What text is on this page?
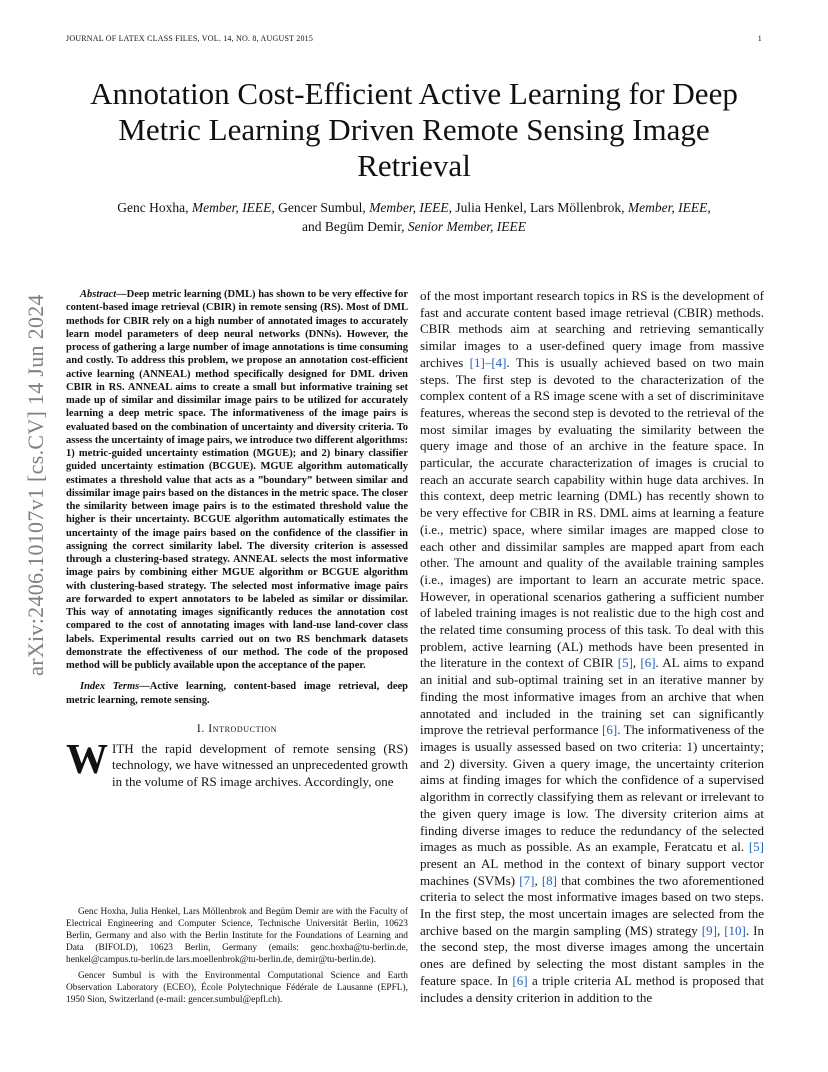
JOURNAL OF LATEX CLASS FILES, VOL. 14, NO. 8, AUGUST 2015	1
arXiv:2406.10107v1 [cs.CV] 14 Jun 2024
Annotation Cost-Efficient Active Learning for Deep Metric Learning Driven Remote Sensing Image Retrieval
Genc Hoxha, Member, IEEE, Gencer Sumbul, Member, IEEE, Julia Henkel, Lars Möllenbrok, Member, IEEE,
and Begüm Demir, Senior Member, IEEE

Abstract—Deep metric learning (DML) has shown to be very effective for content-based image retrieval (CBIR) in remote sensing (RS). Most of DML methods for CBIR rely on a high number of annotated images to accurately learn model parameters of deep neural networks (DNNs). However, the process of gathering a large number of image annotations is time consuming and costly. To address this problem, we propose an annotation cost-efficient active learning (ANNEAL) method specifically designed for DML driven CBIR in RS. ANNEAL aims to create a small but informative training set made up of similar and dissimilar image pairs to be utilized for accurately learning a deep metric space. The informativeness of the image pairs is evaluated based on the combination of uncertainty and diversity criteria. To assess the uncertainty of image pairs, we introduce two different algorithms: 1) metric-guided uncertainty estimation (MGUE); and 2) binary classifier guided uncertainty estimation (BCGUE). MGUE algorithm automatically estimates a threshold value that acts as a ”boundary” between similar and dissimilar image pairs based on the distances in the metric space. The closer the similarity between image pairs is to the estimated threshold value the higher is their uncertainty. BCGUE algorithm automatically estimates the uncertainty of the image pairs based on the confidence of the classifier in assigning the correct similarity label. The diversity criterion is assessed through a clustering-based strategy. ANNEAL selects the most informative image pairs by combining either MGUE algorithm or BCGUE algorithm with clustering-based strategy. The selected most informative image pairs are forwarded to expert annotators to be labeled as similar or dissimilar. This way of annotating images significantly reduces the annotation cost compared to the cost of annotating images with land-use land-cover class labels. Experimental results carried out on two RS benchmark datasets demonstrate the effectiveness of our method. The code of the proposed method will be publicly available upon the acceptance of the paper.

Index Terms—Active learning, content-based image retrieval, deep metric learning, remote sensing.

I. Introduction

WITH the rapid development of remote sensing (RS) technology, we have witnessed an unprecedented growth in the volume of RS image archives. Accordingly, one

Genc Hoxha, Julia Henkel, Lars Möllenbrok and Begüm Demir are with the Faculty of Electrical Engineering and Computer Science, Technische Universität Berlin, 10623 Berlin, Germany and also with the Berlin Institute for the Foundations of Learning and Data (BIFOLD), 10623 Berlin, Germany (emails: genc.hoxha@tu-berlin.de, henkel@campus.tu-berlin.de lars.moellenbrok@tu-berlin.de, demir@tu-berlin.de).

Gencer Sumbul is with the Environmental Computational Science and Earth Observation Laboratory (ECEO), École Polytechnique Fédérale de Lausanne (EPFL), 1950 Sion, Switzerland (e-mail: gencer.sumbul@epfl.ch).

of the most important research topics in RS is the development of fast and accurate content based image retrieval (CBIR) methods. CBIR methods aim at searching and retrieving semantically similar images to a user-defined query image from massive archives [1]–[4]. This is usually achieved based on two main steps. The first step is devoted to the characterization of the complex content of a RS image scene with a set of discriminitave features, whereas the second step is devoted to the retrieval of the most similar images by evaluating the similarity between the query image and those of an archive in the feature space. In particular, the accurate characterization of images is crucial to reach an accurate search capability within huge data archives. In this context, deep metric learning (DML) has recently shown to be very effective for CBIR in RS. DML aims at learning a feature (i.e., metric) space, where similar images are mapped close to each other and dissimilar samples are mapped apart from each other. The amount and quality of the available training samples (i.e., images) are important to learn an accurate metric space. However, in operational scenarios gathering a sufficient number of labeled training images is not realistic due to the high cost and the related time consuming process of this task. To deal with this problem, active learning (AL) methods have been presented in the literature in the context of CBIR [5], [6]. AL aims to expand an initial and sub-optimal training set in an iterative manner by finding the most informative images from an archive that when annotated and included in the training set can significantly improve the retrieval performance [6]. The informativeness of the images is usually assessed based on two criteria: 1) uncertainty; and 2) diversity. Given a query image, the uncertainty criterion aims at finding images for which the confidence of a supervised algorithm in correctly classifying them as relevant or irrelevant to the given query image is low. The diversity criterion aims at finding diverse images to reduce the redundancy of the selected images as much as possible. As an example, Feratcatu et al. [5] present an AL method in the context of binary support vector machines (SVMs) [7], [8] that combines the two aforementioned criteria to select the most informative images based on two steps. In the first step, the most uncertain images are selected from the archive based on the margin sampling (MS) strategy [9], [10]. In the second step, the most diverse images among the uncertain ones are defined by selecting the most distant samples in the feature space. In [6] a triple criteria AL method is proposed that includes a density criterion in addition to the
